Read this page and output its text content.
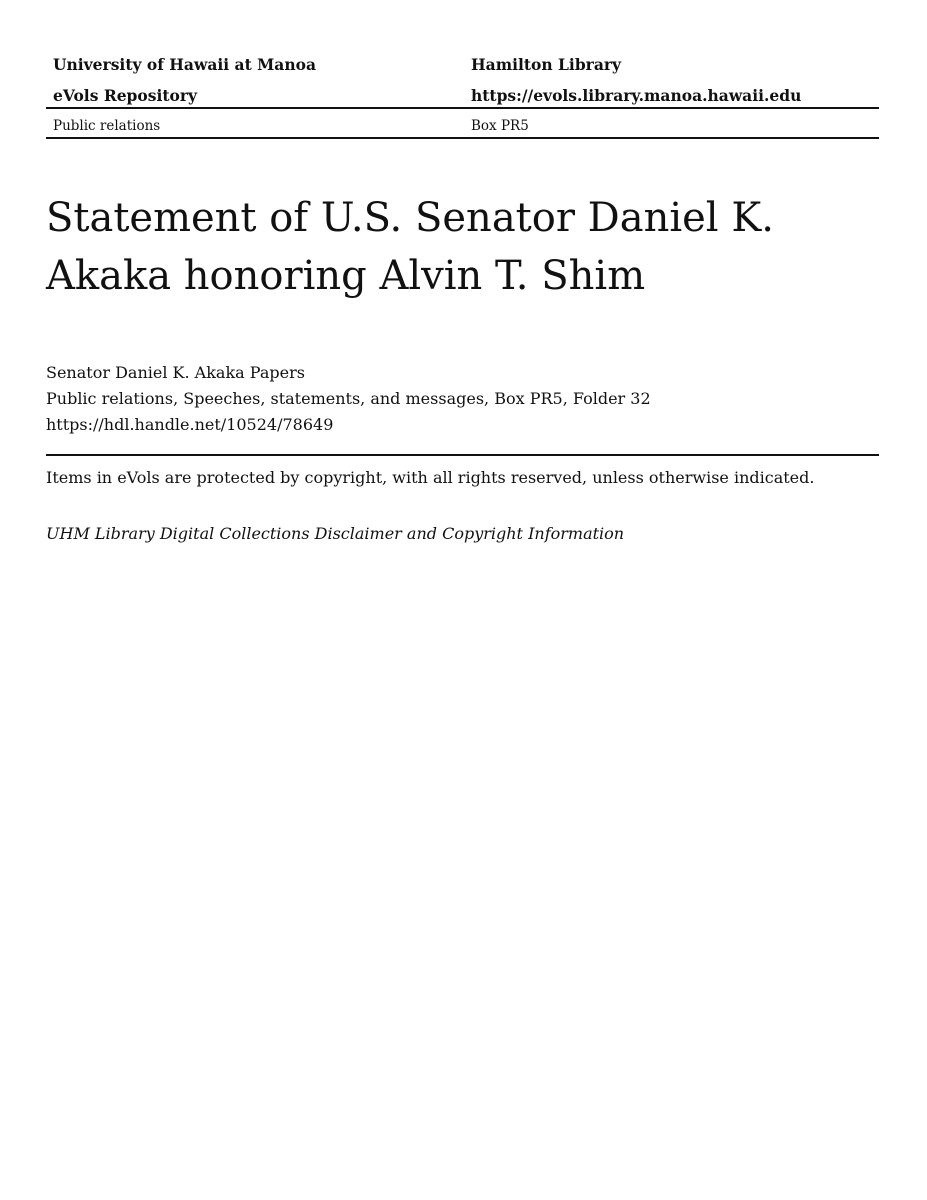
University of Hawaii at Manoa	Hamilton Library
eVols Repository	https://evols.library.manoa.hawaii.edu
Public relations	Box PR5
Statement of U.S. Senator Daniel K.
Akaka honoring Alvin T. Shim
Senator Daniel K. Akaka Papers
Public relations, Speeches, statements, and messages, Box PR5, Folder 32
https://hdl.handle.net/10524/78649
Items in eVols are protected by copyright, with all rights reserved, unless otherwise indicated.
UHM Library Digital Collections Disclaimer and Copyright Information
